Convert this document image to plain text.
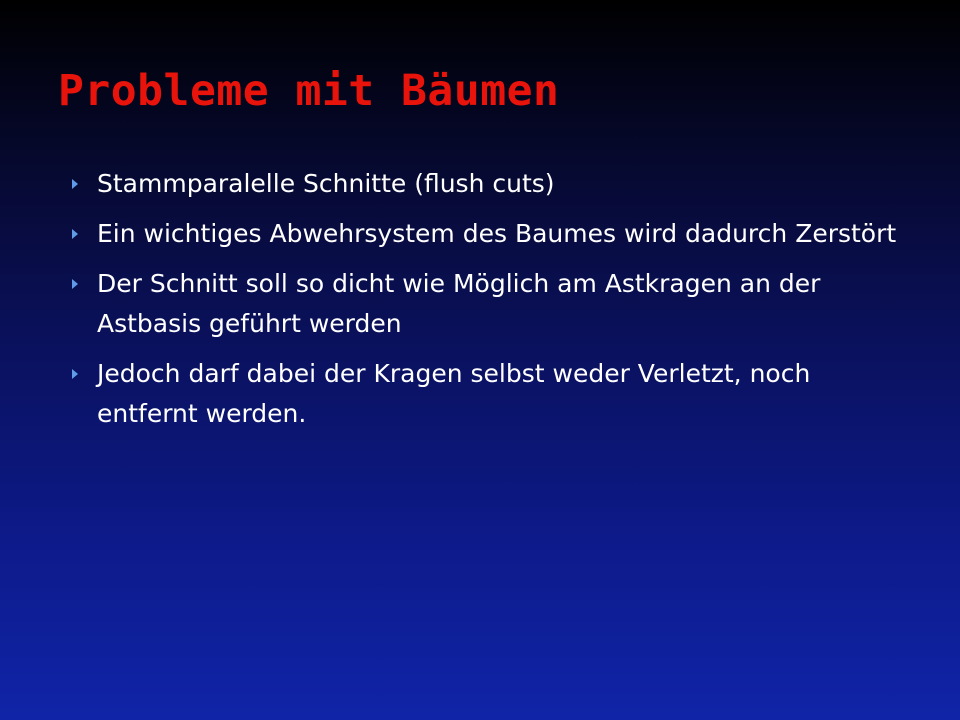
Probleme mit Bäumen
Stammparalelle Schnitte (flush cuts)
Ein wichtiges Abwehrsystem des Baumes wird dadurch Zerstört
Der Schnitt soll so dicht wie Möglich am Astkragen an der Astbasis geführt werden
Jedoch darf dabei der Kragen selbst weder Verletzt, noch entfernt werden.
